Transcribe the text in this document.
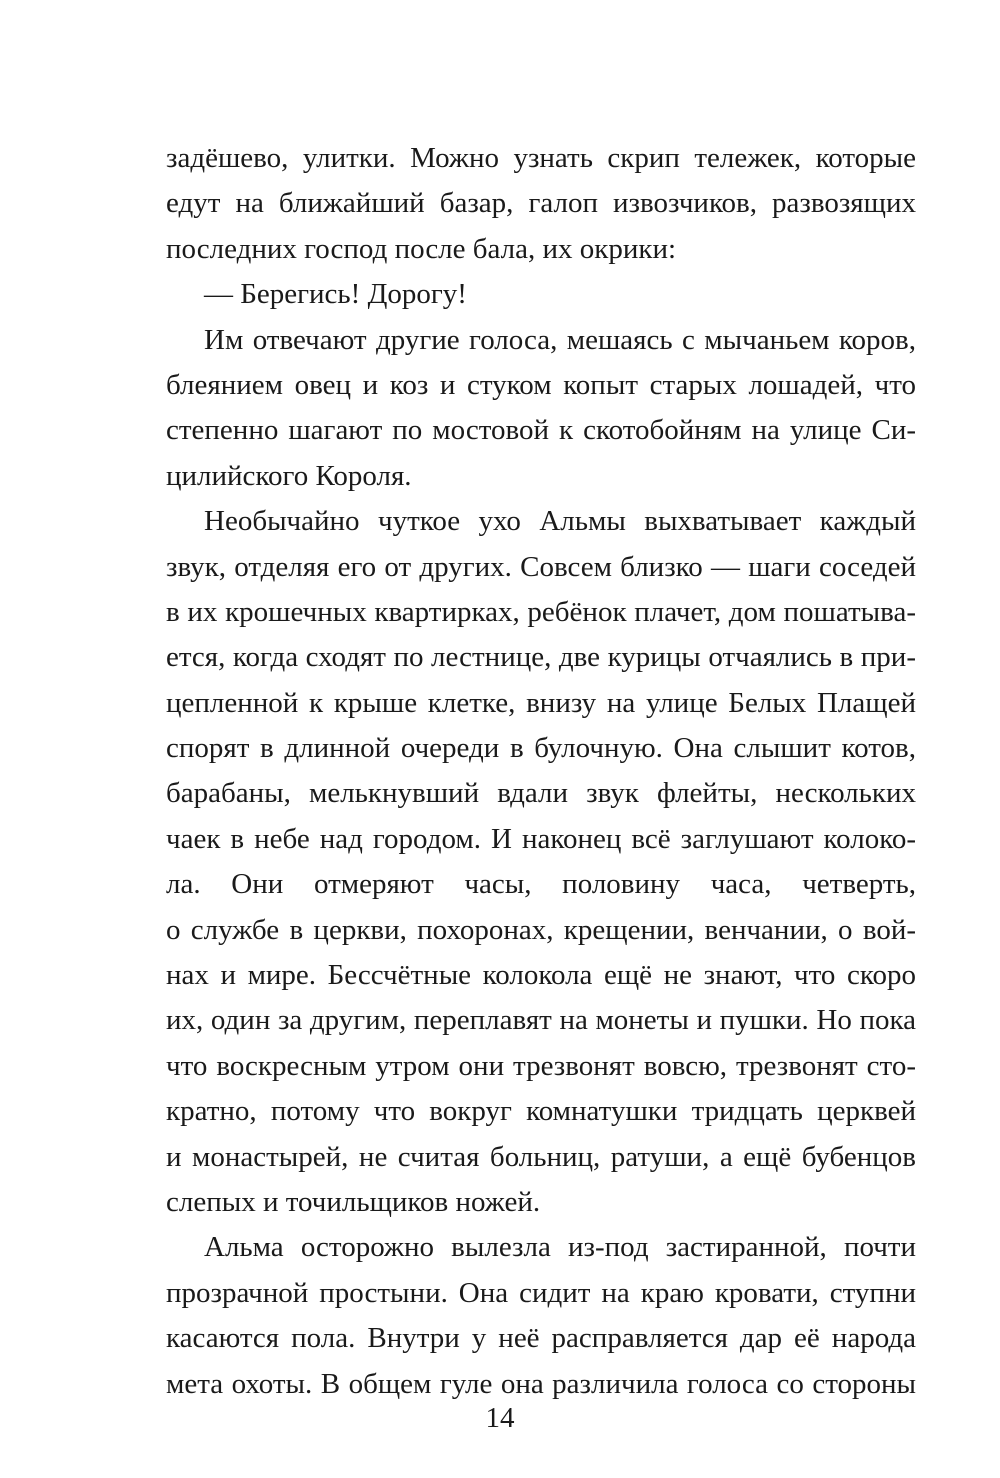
задёшево, улитки. Можно узнать скрип тележек, которые
едут на ближайший базар, галоп извозчиков, развозящих
последних господ после бала, их окрики:
— Берегись! Дорогу!
Им отвечают другие голоса, мешаясь с мычаньем коров,
блеянием овец и коз и стуком копыт старых лошадей, что
степенно шагают по мостовой к скотобойням на улице Си-
цилийского Короля.
Необычайно чуткое ухо Альмы выхватывает каждый
звук, отделяя его от других. Совсем близко — шаги соседей
в их крошечных квартирках, ребёнок плачет, дом пошатыва-
ется, когда сходят по лестнице, две курицы отчаялись в при-
цепленной к крыше клетке, внизу на улице Белых Плащей
спорят в длинной очереди в булочную. Она слышит котов,
барабаны, мелькнувший вдали звук флейты, нескольких
чаек в небе над городом. И наконец всё заглушают колоко-
ла. Они отмеряют часы, половину часа, четверть,
о службе в церкви, похоронах, крещении, венчании, о вой-
нах и мире. Бессчётные колокола ещё не знают, что скоро
их, один за другим, переплавят на монеты и пушки. Но пока
что воскресным утром они трезвонят вовсю, трезвонят сто-
кратно, потому что вокруг комнатушки тридцать церквей
и монастырей, не считая больниц, ратуши, а ещё бубенцов
слепых и точильщиков ножей.
Альма осторожно вылезла из-под застиранной, почти
прозрачной простыни. Она сидит на краю кровати, ступни
касаются пола. Внутри у неё расправляется дар её народа
мета охоты. В общем гуле она различила голоса со стороны
14
